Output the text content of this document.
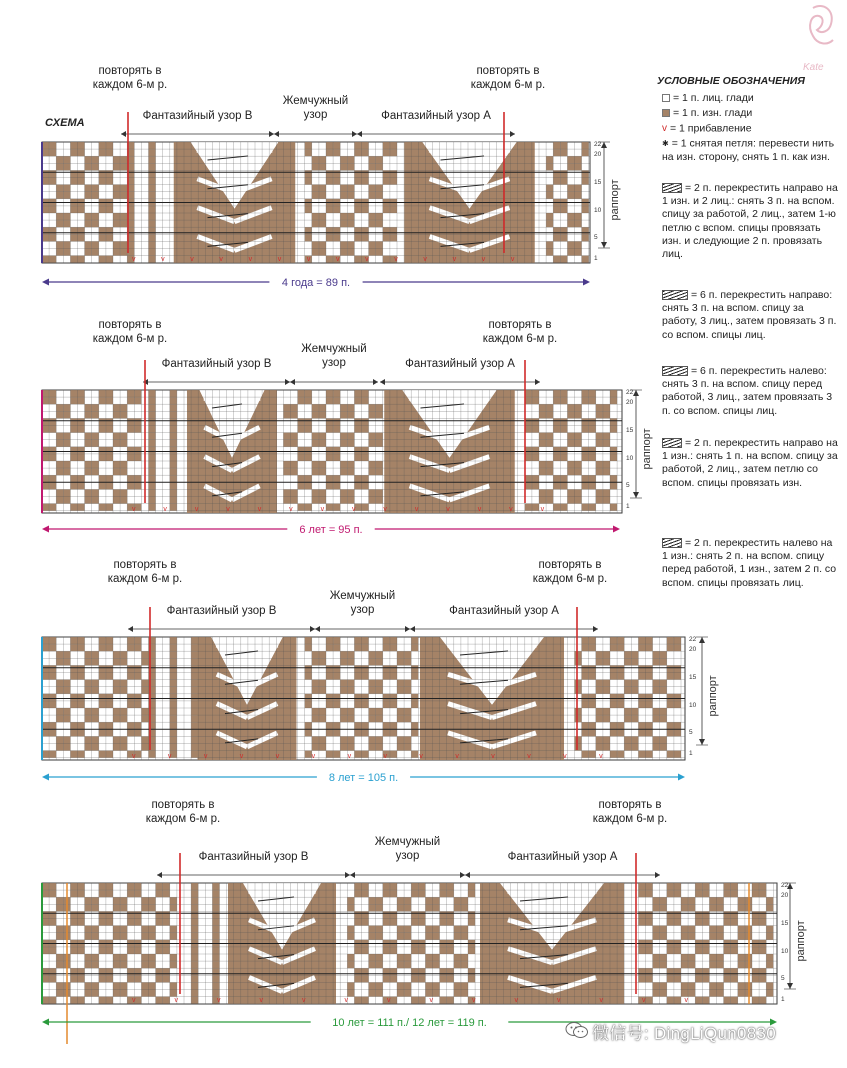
Kate
СХЕМА
УСЛОВНЫЕ ОБОЗНАЧЕНИЯ
= 1 п. лиц. глади
= 1 п. изн. глади
v = 1 прибавление
✱ = 1 снятая петля: перевести нить на изн. сторону, снять 1 п. как изн.
= 2 п. перекрестить направо на 1 изн. и 2 лиц.: снять 3 п. на вспом. спицу за работой, 2 лиц., затем 1-ю петлю с вспом. спицы провязать изн. и следующие 2 п. провязать лиц.
= 6 п. перекрестить направо: снять 3 п. на вспом. спицу за работу, 3 лиц., затем провязать 3 п. со вспом. спицы лиц.
= 6 п. перекрестить налево: снять 3 п. на вспом. спицу перед работой, 3 лиц., затем провязать 3 п. со вспом. спицы лиц.
= 2 п. перекрестить направо на 1 изн.: снять 1 п. на вспом. спицу за работой, 2 лиц., затем петлю со вспом. спицы провязать изн.
= 2 п. перекрестить налево на 1 изн.: снять 2 п. на вспом. спицу перед работой, 1 изн., затем 2 п. со вспом. спицы провязать лиц.
повторять в
каждом 6-м р.
повторять в
каждом 6-м р.
Фантазийный узор В
Жемчужный
узор	Фантазийный узор А
v	v	v	v	v	v	v	v	v	v	v	v	v	v
22
20
15
10
5
1
раппорт
4 года = 89 п.
повторять в
каждом 6-м р.
повторять в
каждом 6-м р.
Фантазийный узор В
Жемчужный
узор	Фантазийный узор А
v	v	v	v	v	v	v	v	v	v	v	v	v	v
22
20
15
10
5
1
раппорт
6 лет = 95 п.
повторять в
каждом 6-м р.
повторять в
каждом 6-м р.
Фантазийный узор В
Жемчужный
узор	Фантазийный узор А
v	v	v	v	v	v	v	v	v	v	v	v	v	v
22
20
15
10
5
1
раппорт
8 лет = 105 п.
повторять в
каждом 6-м р.
повторять в
каждом 6-м р.
Фантазийный узор В
Жемчужный
узор	Фантазийный узор А
v	v	v	v	v	v	v	v	v	v	v	v	v	v
22
20
15
10
5
1
раппорт
10 лет = 111 п./ 12 лет = 119 п.
微信号: DingLiQun0830
